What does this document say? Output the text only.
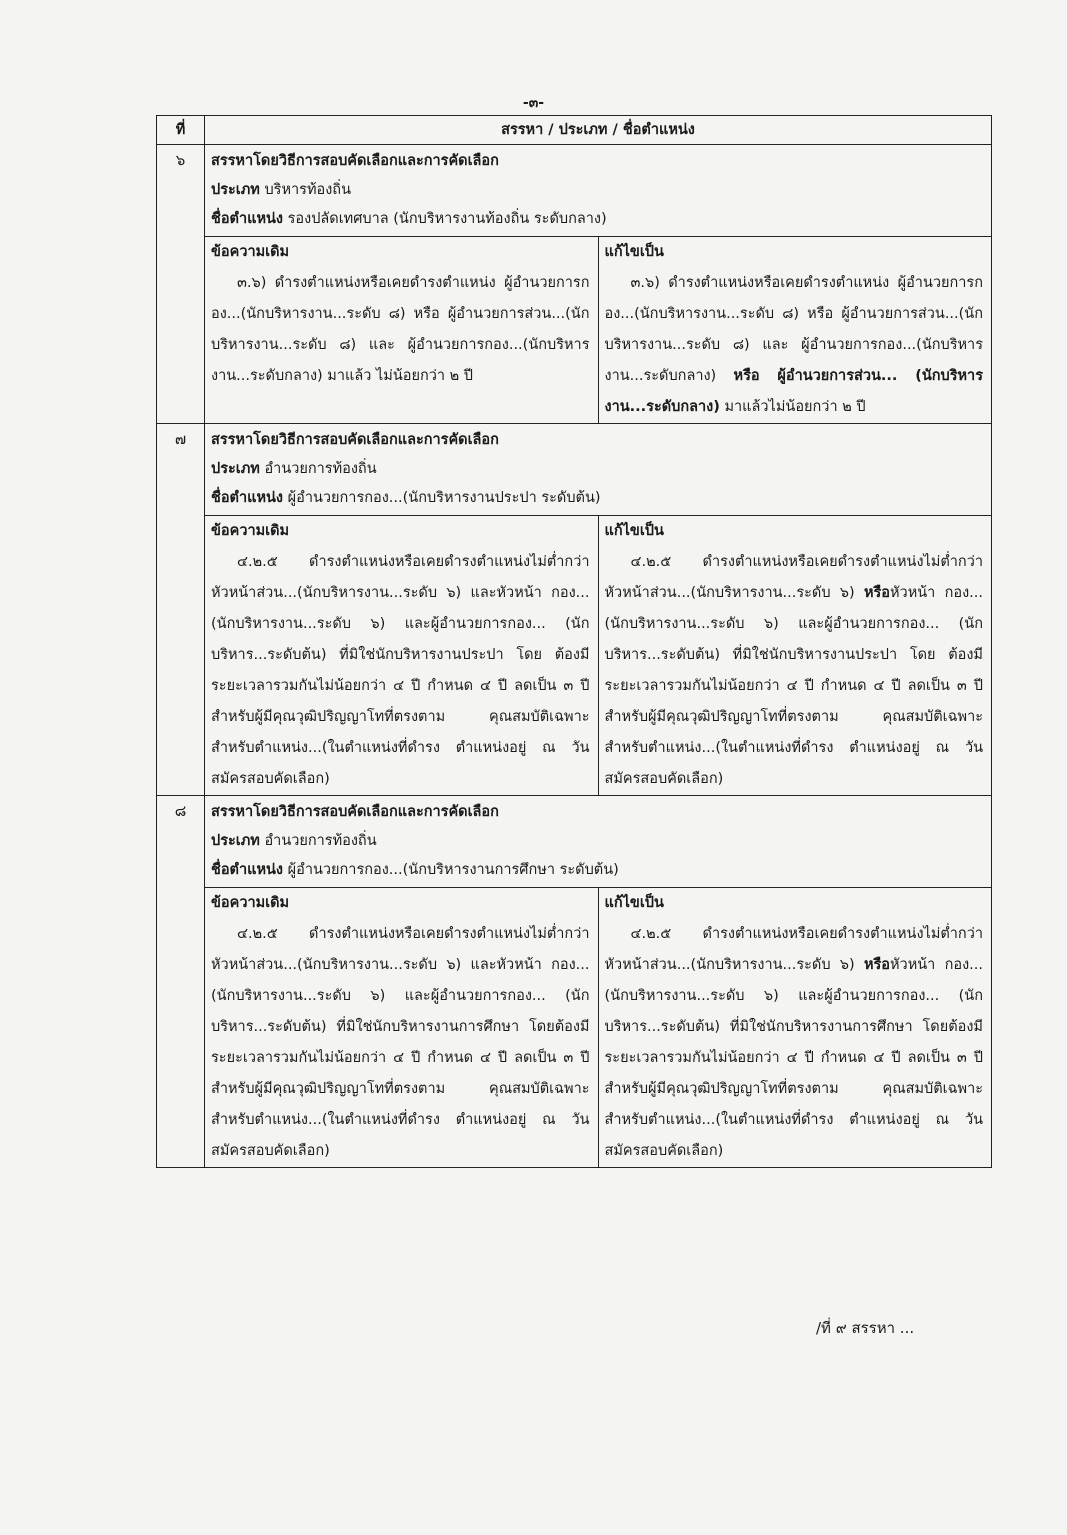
-๓-
ที่	สรรหา / ประเภท / ชื่อตำแหน่ง
๖	สรรหาโดยวิธีการสอบคัดเลือกและการคัดเลือก
ประเภท บริหารท้องถิ่น
ชื่อตำแหน่ง รองปลัดเทศบาล (นักบริหารงานท้องถิ่น ระดับกลาง)

ข้อความเดิม
๓.๖) ดำรงตำแหน่งหรือเคยดำรงตำแหน่ง ผู้อำนวยการกอง...(นักบริหารงาน...ระดับ ๘) หรือ ผู้อำนวยการส่วน...(นักบริหารงาน...ระดับ ๘) และ ผู้อำนวยการกอง...(นักบริหารงาน...ระดับกลาง) มาแล้ว ไม่น้อยกว่า ๒ ปี

แก้ไขเป็น
๓.๖) ดำรงตำแหน่งหรือเคยดำรงตำแหน่ง ผู้อำนวยการกอง...(นักบริหารงาน...ระดับ ๘) หรือ ผู้อำนวยการส่วน...(นักบริหารงาน...ระดับ ๘) และ ผู้อำนวยการกอง...(นักบริหารงาน...ระดับกลาง) หรือ ผู้อำนวยการส่วน... (นักบริหารงาน...ระดับกลาง) มาแล้วไม่น้อยกว่า ๒ ปี

๗	สรรหาโดยวิธีการสอบคัดเลือกและการคัดเลือก
ประเภท อำนวยการท้องถิ่น
ชื่อตำแหน่ง ผู้อำนวยการกอง...(นักบริหารงานประปา ระดับต้น)

ข้อความเดิม
๔.๒.๕ ดำรงตำแหน่งหรือเคยดำรงตำแหน่งไม่ต่ำกว่า หัวหน้าส่วน...(นักบริหารงาน...ระดับ ๖) และหัวหน้า กอง...(นักบริหารงาน...ระดับ ๖) และผู้อำนวยการกอง... (นักบริหาร...ระดับต้น) ที่มิใช่นักบริหารงานประปา โดย ต้องมีระยะเวลารวมกันไม่น้อยกว่า ๔ ปี กำหนด ๔ ปี ลดเป็น ๓ ปีสำหรับผู้มีคุณวุฒิปริญญาโทที่ตรงตาม คุณสมบัติเฉพาะสำหรับตำแหน่ง...(ในตำแหน่งที่ดำรง ตำแหน่งอยู่ ณ วันสมัครสอบคัดเลือก)

แก้ไขเป็น
๔.๒.๕ ดำรงตำแหน่งหรือเคยดำรงตำแหน่งไม่ต่ำกว่า หัวหน้าส่วน...(นักบริหารงาน...ระดับ ๖) หรือหัวหน้า กอง...(นักบริหารงาน...ระดับ ๖) และผู้อำนวยการกอง... (นักบริหาร...ระดับต้น) ที่มิใช่นักบริหารงานประปา โดย ต้องมีระยะเวลารวมกันไม่น้อยกว่า ๔ ปี กำหนด ๔ ปี ลดเป็น ๓ ปีสำหรับผู้มีคุณวุฒิปริญญาโทที่ตรงตาม คุณสมบัติเฉพาะสำหรับตำแหน่ง...(ในตำแหน่งที่ดำรง ตำแหน่งอยู่ ณ วันสมัครสอบคัดเลือก)

๘	สรรหาโดยวิธีการสอบคัดเลือกและการคัดเลือก
ประเภท อำนวยการท้องถิ่น
ชื่อตำแหน่ง ผู้อำนวยการกอง...(นักบริหารงานการศึกษา ระดับต้น)

ข้อความเดิม
๔.๒.๕ ดำรงตำแหน่งหรือเคยดำรงตำแหน่งไม่ต่ำกว่า หัวหน้าส่วน...(นักบริหารงาน...ระดับ ๖) และหัวหน้า กอง...(นักบริหารงาน...ระดับ ๖) และผู้อำนวยการกอง... (นักบริหาร...ระดับต้น) ที่มิใช่นักบริหารงานการศึกษา โดยต้องมีระยะเวลารวมกันไม่น้อยกว่า ๔ ปี กำหนด ๔ ปี ลดเป็น ๓ ปี สำหรับผู้มีคุณวุฒิปริญญาโทที่ตรงตาม คุณสมบัติเฉพาะสำหรับตำแหน่ง...(ในตำแหน่งที่ดำรง ตำแหน่งอยู่ ณ วันสมัครสอบคัดเลือก)

แก้ไขเป็น
๔.๒.๕ ดำรงตำแหน่งหรือเคยดำรงตำแหน่งไม่ต่ำกว่า หัวหน้าส่วน...(นักบริหารงาน...ระดับ ๖) หรือหัวหน้า กอง...(นักบริหารงาน...ระดับ ๖) และผู้อำนวยการกอง... (นักบริหาร...ระดับต้น) ที่มิใช่นักบริหารงานการศึกษา โดยต้องมีระยะเวลารวมกันไม่น้อยกว่า ๔ ปี กำหนด ๔ ปี ลดเป็น ๓ ปี สำหรับผู้มีคุณวุฒิปริญญาโทที่ตรงตาม คุณสมบัติเฉพาะสำหรับตำแหน่ง...(ในตำแหน่งที่ดำรง ตำแหน่งอยู่ ณ วันสมัครสอบคัดเลือก)
/ที่ ๙ สรรหา ...
